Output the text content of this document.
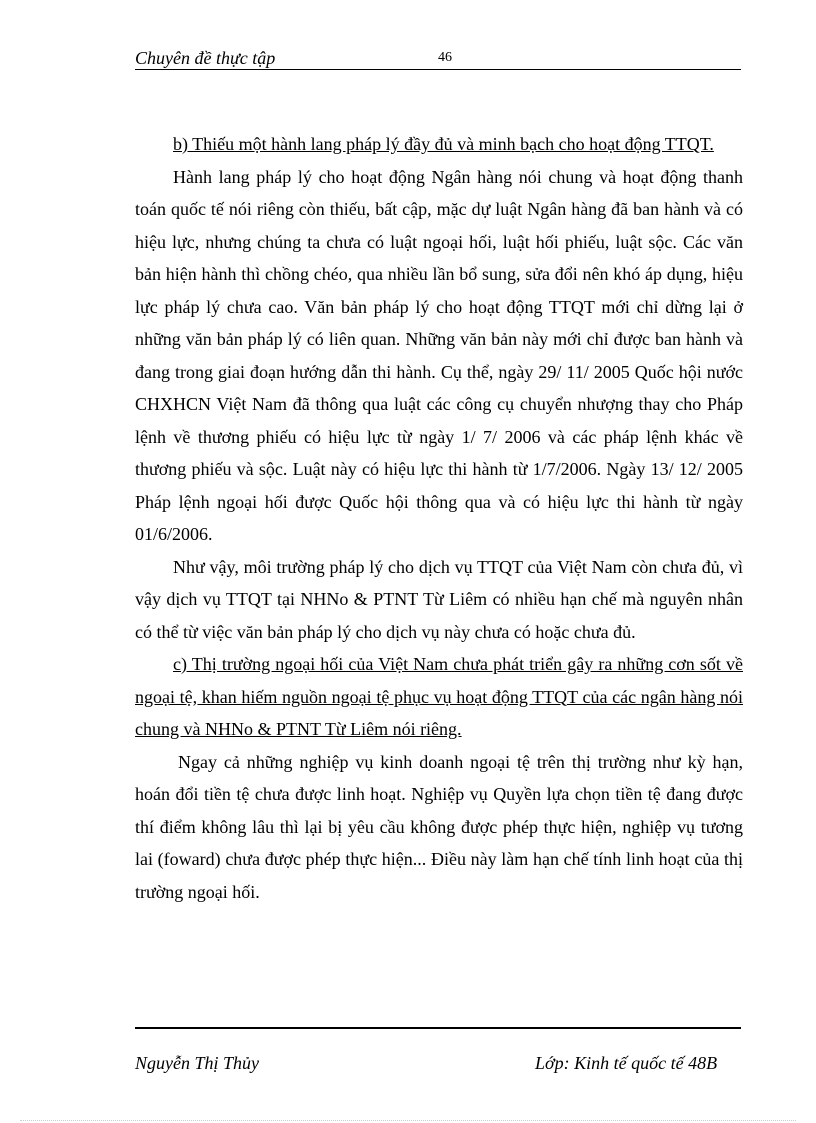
Chuyên đề thực tập	46

b) Thiếu một hành lang pháp lý đầy đủ và minh bạch cho hoạt động TTQT.

Hành lang pháp lý cho hoạt động Ngân hàng nói chung và hoạt động thanh toán quốc tế nói riêng còn thiếu, bất cập, mặc dự luật Ngân hàng đã ban hành và có hiệu lực, nhưng chúng ta chưa có luật ngoại hối, luật hối phiếu, luật sộc. Các văn bản hiện hành thì chồng chéo, qua nhiều lần bổ sung, sửa đổi nên khó áp dụng, hiệu lực pháp lý chưa cao. Văn bản pháp lý cho hoạt động TTQT mới chỉ dừng lại ở những văn bản pháp lý có liên quan. Những văn bản này mới chỉ được ban hành và đang trong giai đoạn hướng dẫn thi hành. Cụ thể, ngày 29/ 11/ 2005 Quốc hội nước CHXHCN Việt Nam đã thông qua luật các công cụ chuyển nhượng thay cho Pháp lệnh về thương phiếu có hiệu lực từ ngày 1/ 7/ 2006 và các pháp lệnh khác về thương phiếu và sộc. Luật này có hiệu lực thi hành từ 1/7/2006. Ngày 13/ 12/ 2005 Pháp lệnh ngoại hối được Quốc hội thông qua và có hiệu lực thi hành từ ngày 01/6/2006.

Như vậy, môi trường pháp lý cho dịch vụ TTQT của Việt Nam còn chưa đủ, vì vậy dịch vụ TTQT tại NHNo & PTNT Từ Liêm có nhiều hạn chế mà nguyên nhân có thể từ việc văn bản pháp lý cho dịch vụ này chưa có hoặc chưa đủ.

c) Thị trường ngoại hối của Việt Nam chưa phát triển gây ra những cơn sốt về ngoại tệ, khan hiếm nguồn ngoại tệ phục vụ hoạt động TTQT của các ngân hàng nói chung và NHNo & PTNT Từ Liêm nói riêng.

Ngay cả những nghiệp vụ kinh doanh ngoại tệ trên thị trường như kỳ hạn, hoán đổi tiền tệ chưa được linh hoạt. Nghiệp vụ Quyền lựa chọn tiền tệ đang được thí điểm không lâu thì lại bị yêu cầu không được phép thực hiện, nghiệp vụ tương lai (foward) chưa được phép thực hiện... Điều này làm hạn chế tính linh hoạt của thị trường ngoại hối.

Nguyễn Thị Thủy	Lớp: Kinh tế quốc tế 48B
